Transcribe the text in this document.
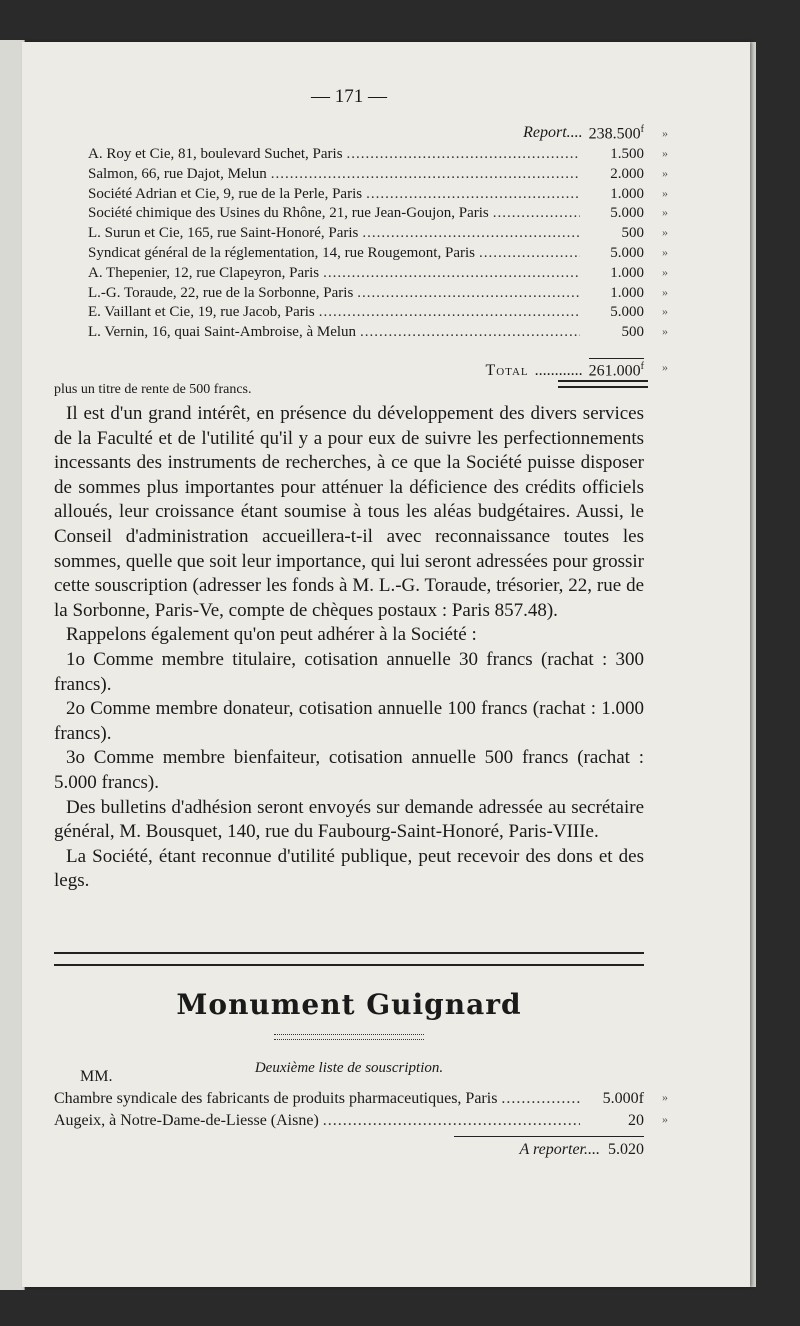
— 171 —
Report.... 238.500$^f$ »
A. Roy et Cie, 81, boulevard Suchet, Paris .....	1.500 »
Salmon, 66, rue Dajot, Melun .....	2.000 »
Société Adrian et Cie, 9, rue de la Perle, Paris .....	1.000 »
Société chimique des Usines du Rhône, 21, rue Jean-Goujon, Paris .....	5.000 »
L. Surun et Cie, 165, rue Saint-Honoré, Paris .....	500 »
Syndicat général de la réglementation, 14, rue Rougemont, Paris .....	5.000 »
A. Thepenier, 12, rue Clapeyron, Paris .....	1.000 »
L.-G. Toraude, 22, rue de la Sorbonne, Paris .....	1.000 »
E. Vaillant et Cie, 19, rue Jacob, Paris .....	5.000 »
L. Vernin, 16, quai Saint-Ambroise, à Melun .....	500 »
Total ............ 261.000$^f$ »
plus un titre de rente de 500 francs.

Il est d'un grand intérêt, en présence du développement des divers services de la Faculté et de l'utilité qu'il y a pour eux de suivre les perfectionnements incessants des instruments de recherches, à ce que la Société puisse disposer de sommes plus importantes pour atténuer la déficience des crédits officiels alloués, leur croissance étant soumise à tous les aléas budgétaires. Aussi, le Conseil d'administration accueillera-t-il avec reconnaissance toutes les sommes, quelle que soit leur importance, qui lui seront adressées pour grossir cette souscription (adresser les fonds à M. L.-G. Toraude, trésorier, 22, rue de la Sorbonne, Paris-Ve, compte de chèques postaux : Paris 857.48).

Rappelons également qu'on peut adhérer à la Société :

1o Comme membre titulaire, cotisation annuelle 30 francs (rachat : 300 francs).

2o Comme membre donateur, cotisation annuelle 100 francs (rachat : 1.000 francs).

3o Comme membre bienfaiteur, cotisation annuelle 500 francs (rachat : 5.000 francs).

Des bulletins d'adhésion seront envoyés sur demande adressée au secrétaire général, M. Bousquet, 140, rue du Faubourg-Saint-Honoré, Paris-VIIIe.

La Société, étant reconnue d'utilité publique, peut recevoir des dons et des legs.

Monument Guignard
MM.	Deuxième liste de souscription.
Chambre syndicale des fabricants de produits pharmaceutiques, Paris .....	5.000f »
Augeix, à Notre-Dame-de-Liesse (Aisne) .....	20 »
A reporter.... 5.020
